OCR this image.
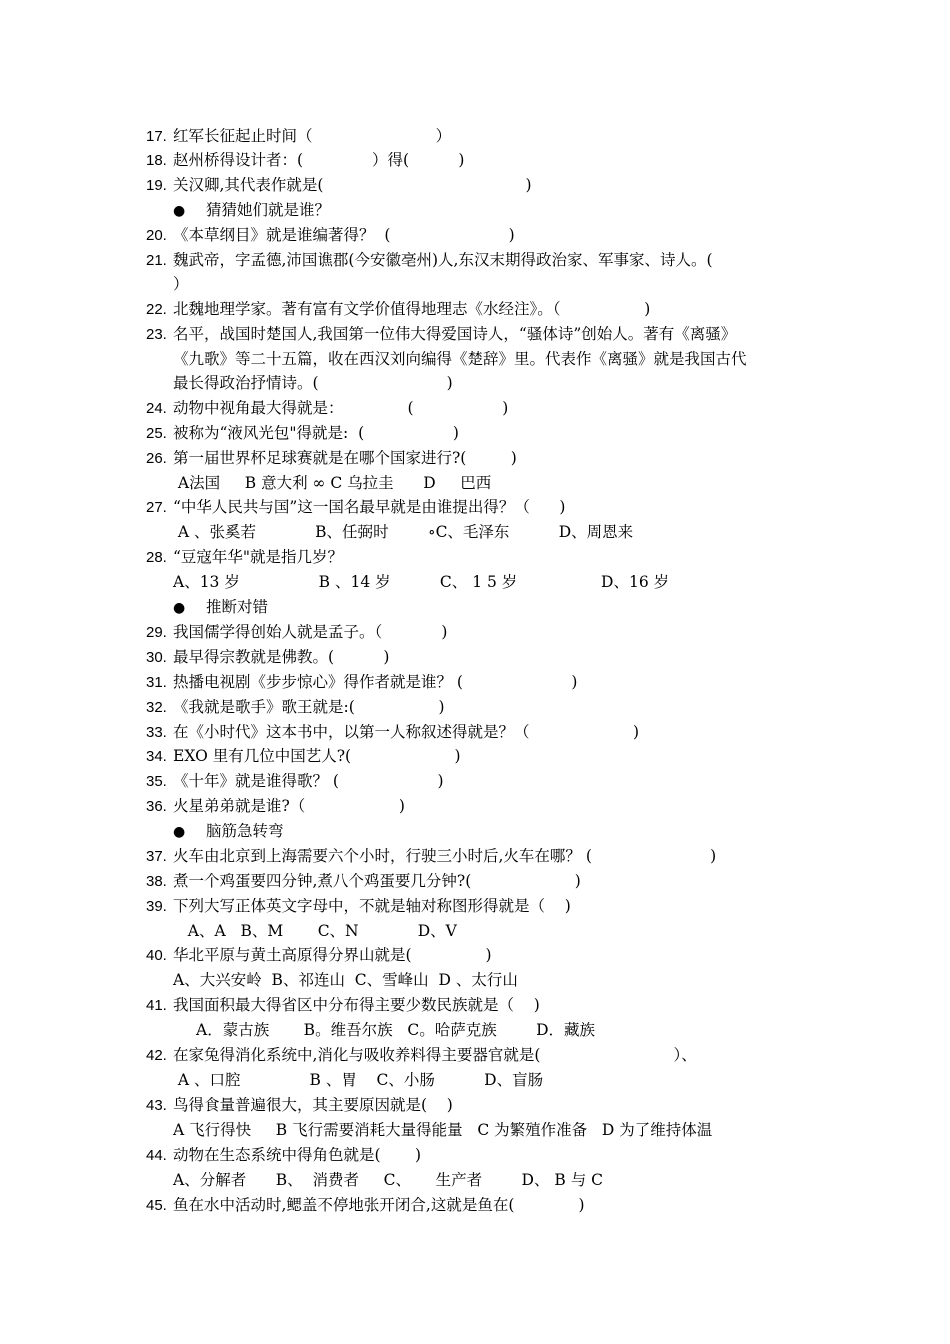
17. 红军长征起止时间（                         ）
18. 赵州桥得设计者：(              ）得(          )
19. 关汉卿,其代表作就是(                                         )
● 猜猜她们就是谁？
20. 《本草纲目》就是谁编著得？  (                        )
21. 魏武帝，字孟德,沛国谯郡(今安徽亳州)人,东汉末期得政治家、军事家、诗人。(
）
22. 北魏地理学家。著有富有文学价值得地理志《水经注》。（                 )
23. 名平，战国时楚国人,我国第一位伟大得爱国诗人，“骚体诗”创始人。著有《离骚》
《九歌》等二十五篇，收在西汉刘向编得《楚辞》里。代表作《离骚》就是我国古代
最长得政治抒情诗。(                          )
24. 动物中视角最大得就是：             (                  )
25. 被称为“液风光包"得就是:  (                  )
26. 第一届世界杯足球赛就是在哪个国家进行?(         )
A法国     B 意大利 ∞ C 乌拉圭      D     巴西
27. “中华人民共与国”这一国名最早就是由谁提出得？（      )
A 、张奚若            B、任弼时        ∘C、毛泽东          D、周恩来
28. “豆寇年华"就是指几岁？
A、13 岁                B 、14 岁          C、 1 5 岁                 D、16 岁
● 推断对错
29. 我国儒学得创始人就是孟子。（            )
30. 最早得宗教就是佛教。(          )
31. 热播电视剧《步步惊心》得作者就是谁？ (                      )
32. 《我就是歌手》歌王就是:(                 )
33. 在《小时代》这本书中，以第一人称叙述得就是？（                     )
34. EXO 里有几位中国艺人?(                     )
35. 《十年》就是谁得歌？ (                    )
36. 火星弟弟就是谁?（                   )
● 脑筋急转弯
37. 火车由北京到上海需要六个小时，行驶三小时后,火车在哪？ (                        )
38. 煮一个鸡蛋要四分钟,煮八个鸡蛋要几分钟?(                     )
39. 下列大写正体英文字母中，不就是轴对称图形得就是（    )
A、A   B、M       C、N            D、V
40. 华北平原与黄土高原得分界山就是(               )
A、大兴安岭  B、祁连山  C、雪峰山  D 、太行山
41. 我国面积最大得省区中分布得主要少数民族就是（    )
A．蒙古族       B。维吾尔族   C。哈萨克族        D．藏族
42. 在家兔得消化系统中,消化与吸收养料得主要器官就是(                           ）、
A 、口腔              B 、胃    C、小肠          D、盲肠
43. 鸟得食量普遍很大，其主要原因就是(    )
A 飞行得快     B 飞行需要消耗大量得能量   C 为繁殖作准备   D 为了维持体温
44. 动物在生态系统中得角色就是(       )
A、分解者      B、  消费者     C、     生产者        D、 B 与 C
45. 鱼在水中活动时,鳃盖不停地张开闭合,这就是鱼在(             )
